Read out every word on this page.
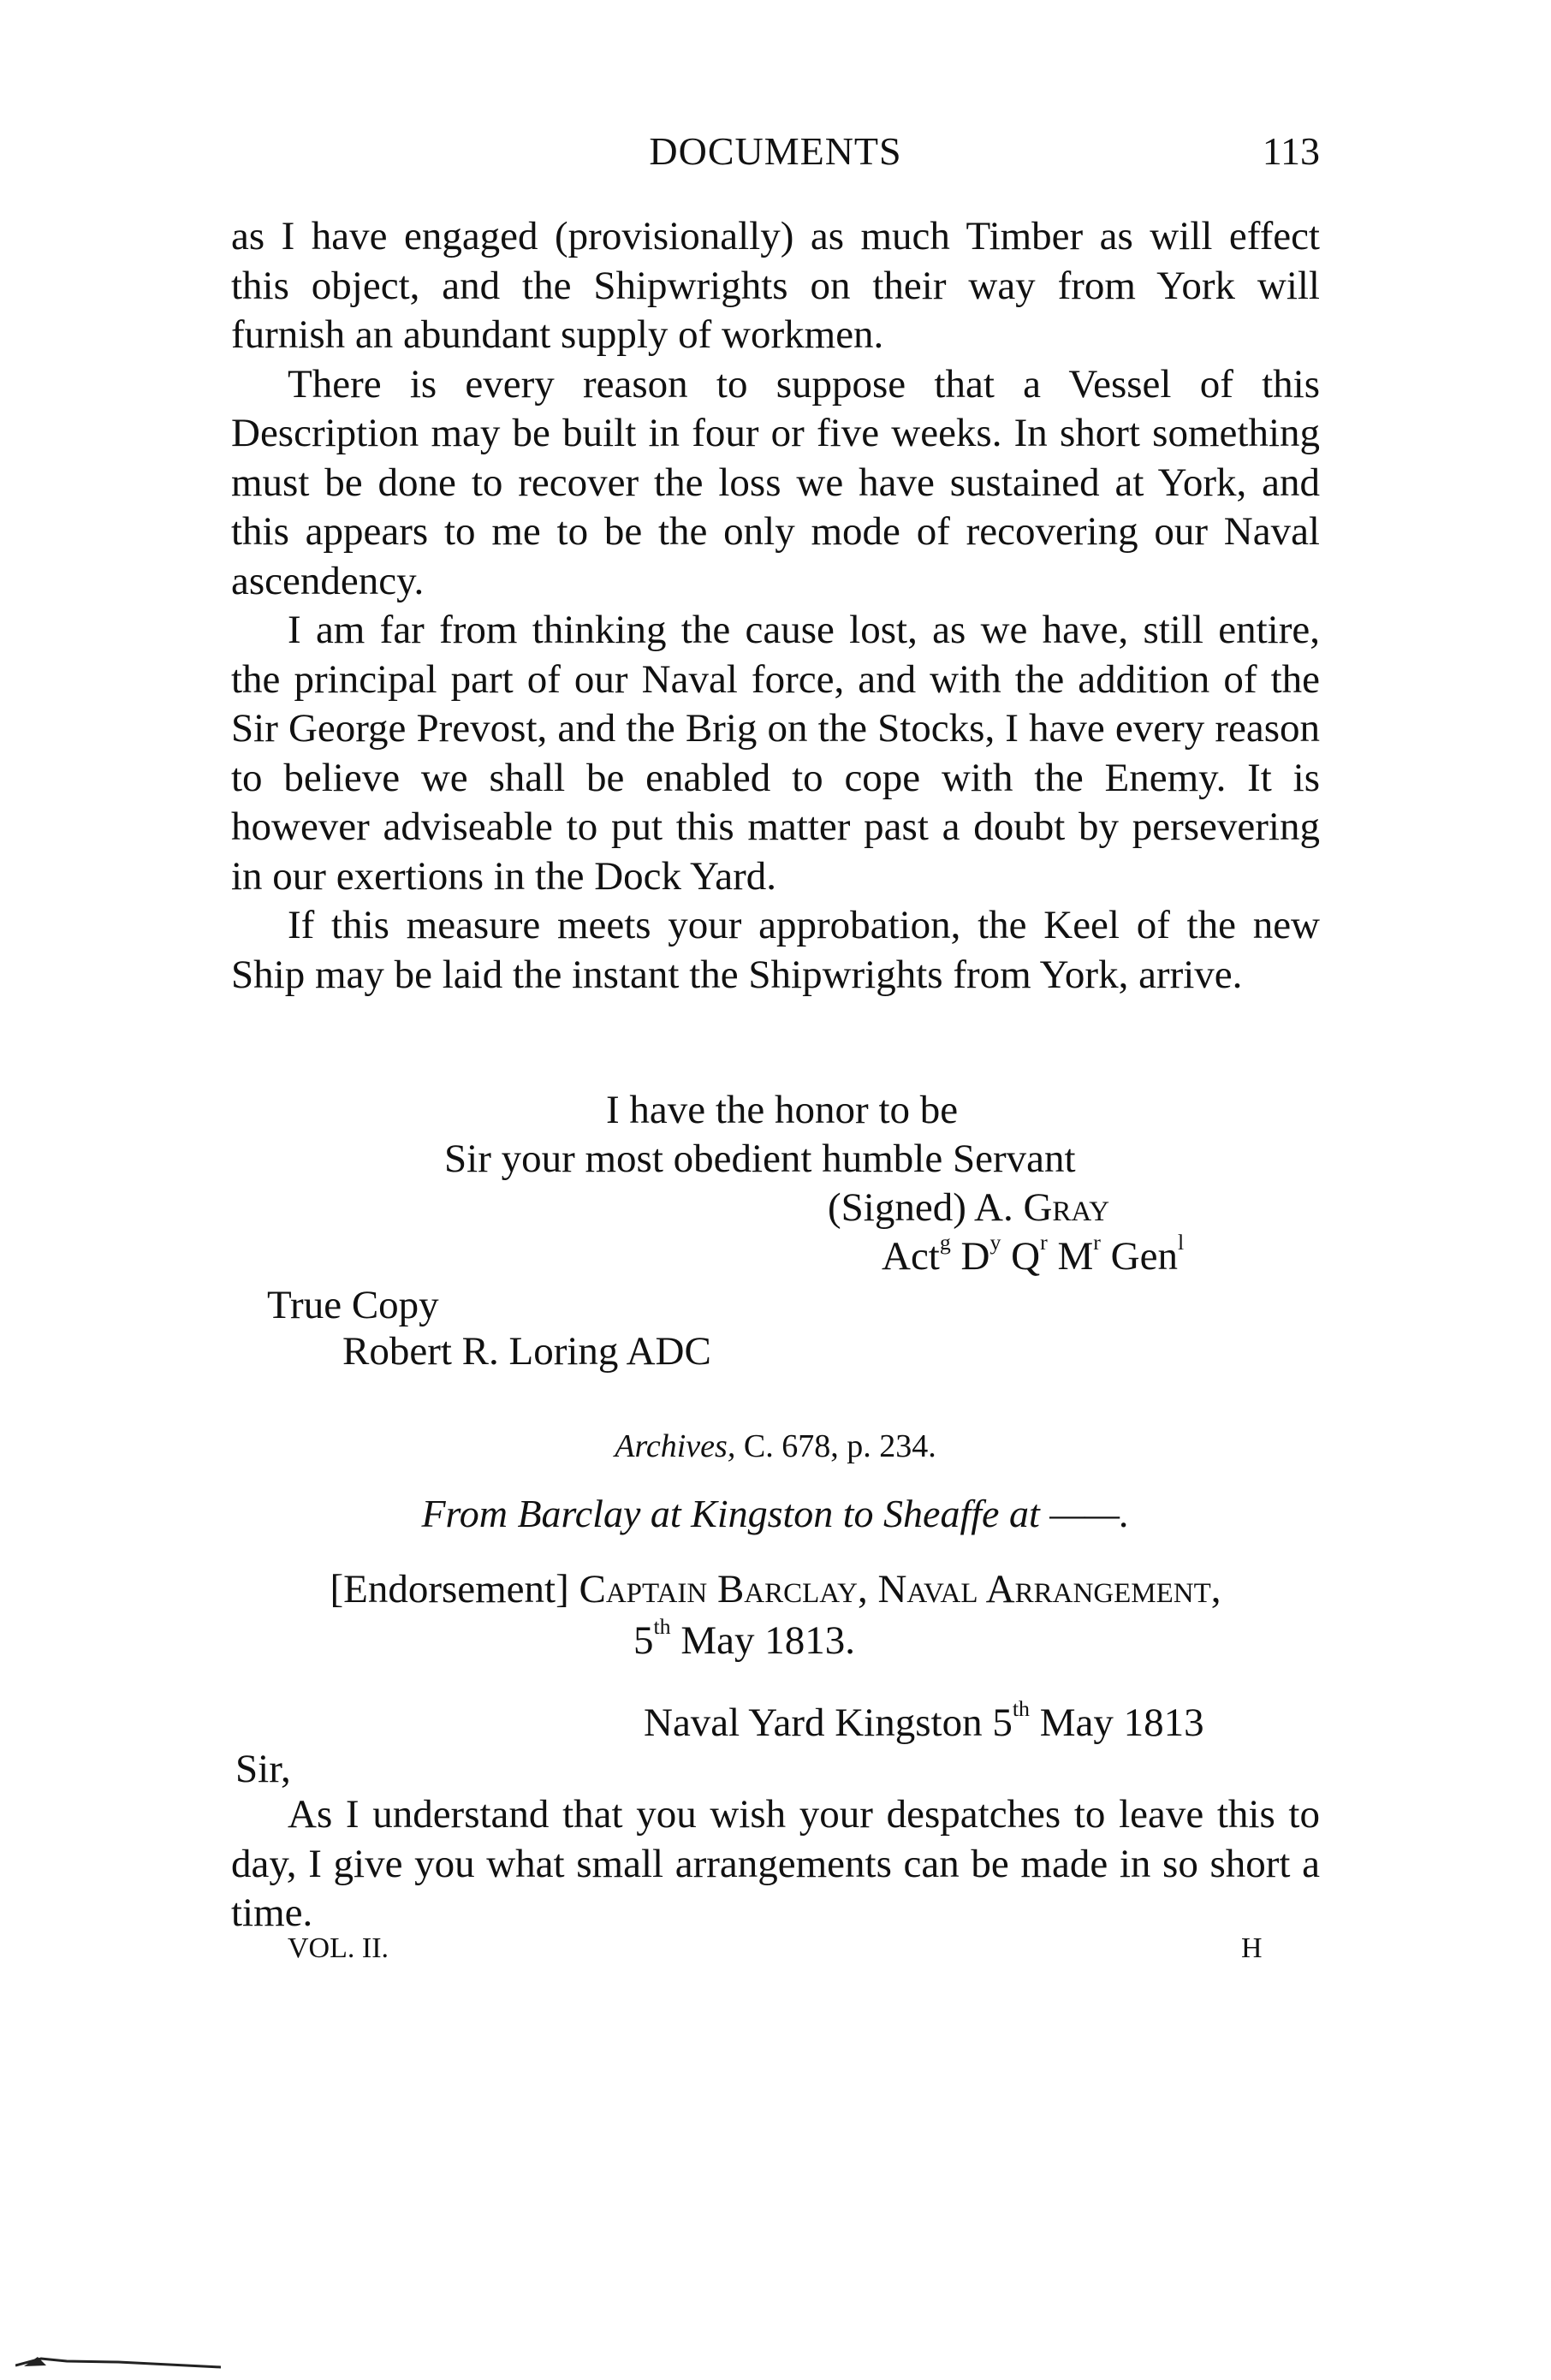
DOCUMENTS	113

as I have engaged (provisionally) as much Timber as will effect this object, and the Shipwrights on their way from York will furnish an abundant supply of workmen.

There is every reason to suppose that a Vessel of this Description may be built in four or five weeks. In short something must be done to recover the loss we have sustained at York, and this appears to me to be the only mode of recovering our Naval ascendency.

I am far from thinking the cause lost, as we have, still entire, the principal part of our Naval force, and with the addition of the Sir George Prevost, and the Brig on the Stocks, I have every reason to believe we shall be enabled to cope with the Enemy. It is however adviseable to put this matter past a doubt by persevering in our exertions in the Dock Yard.

If this measure meets your approbation, the Keel of the new Ship may be laid the instant the Shipwrights from York, arrive.

I have the honor to be
Sir your most obedient humble Servant
(Signed) A. Gray
Act$^g$ $D^y$ $Q^r$ $M^r$ Gen$^l$
True Copy
Robert R. Loring ADC
Archives, C. 678, p. 234.
From Barclay at Kingston to Sheaffe at ——.
[Endorsement] Captain Barclay, Naval Arrangement,
5th May 1813.
Naval Yard Kingston 5th May 1813
Sir,

As I understand that you wish your despatches to leave this to day, I give you what small arrangements can be made in so short a time.

VOL. II.	H
